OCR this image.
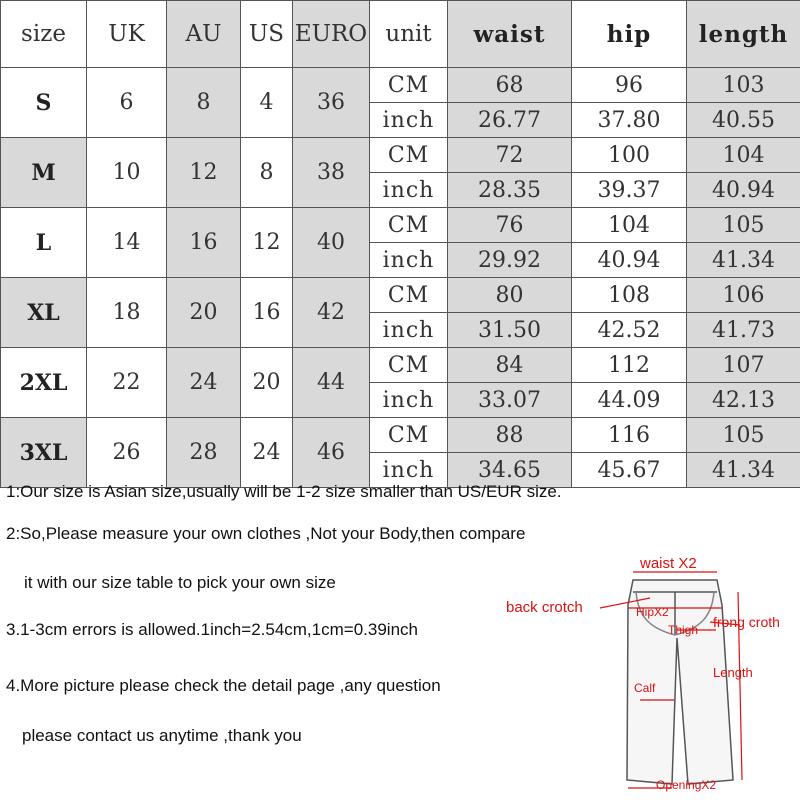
size	UK	AU	US	EURO	unit	waist	hip	length
S	6	8	4	36	CM	68	96	103
					inch	26.77	37.80	40.55
M	10	12	8	38	CM	72	100	104
					inch	28.35	39.37	40.94
L	14	16	12	40	CM	76	104	105
					inch	29.92	40.94	41.34
XL	18	20	16	42	CM	80	108	106
					inch	31.50	42.52	41.73
2XL	22	24	20	44	CM	84	112	107
					inch	33.07	44.09	42.13
3XL	26	28	24	46	CM	88	116	105
					inch	34.65	45.67	41.34

1:Our size is Asian size,usually will be 1-2 size smaller than US/EUR size.

2:So,Please measure your own clothes ,Not your Body,then compare

it with our size table to pick your own size

3.1-3cm errors is allowed.1inch=2.54cm,1cm=0.39inch

4.More picture please check the detail page ,any question

please contact us anytime ,thank you

waist X2
back crotch	HipX2
frong croth
Thigh
Length
Calf
OpeningX2
